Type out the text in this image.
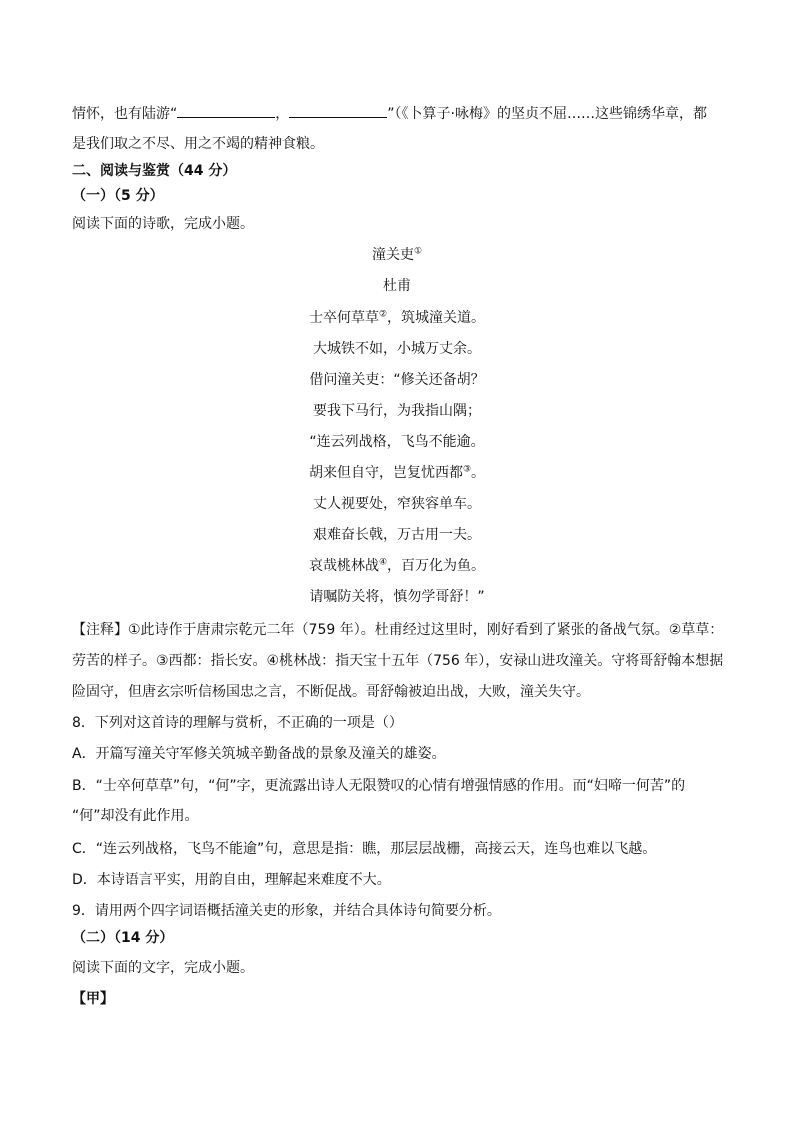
情怀，也有陆游“	，	”（《卜算子·咏梅》的坚贞不屈……这些锦绣华章，都
是我们取之不尽、用之不竭的精神食粮。
二、阅读与鉴赏（44 分）
（一）（5 分）
阅读下面的诗歌，完成小题。
潼关吏①
杜甫
士卒何草草②，筑城潼关道。
大城铁不如，小城万丈余。
借问潼关吏：“修关还备胡？
要我下马行，为我指山隅；
“连云列战格，飞鸟不能逾。
胡来但自守，岂复忧西都③。
丈人视要处，窄狭容单车。
艰难奋长戟，万古用一夫。
哀哉桃林战④，百万化为鱼。
请嘱防关将，慎勿学哥舒！”
【注释】①此诗作于唐肃宗乾元二年（759 年）。杜甫经过这里时，刚好看到了紧张的备战气氛。②草草：
劳苦的样子。③西都：指长安。④桃林战：指天宝十五年（756 年），安禄山进攻潼关。守将哥舒翰本想据
险固守，但唐玄宗听信杨国忠之言，不断促战。哥舒翰被迫出战，大败，潼关失守。
8．下列对这首诗的理解与赏析，不正确的一项是（）
A．开篇写潼关守军修关筑城辛勤备战的景象及潼关的雄姿。
B．“士卒何草草”句，“何”字，更流露出诗人无限赞叹的心情有增强情感的作用。而“妇啼一何苦”的
“何”却没有此作用。
C．“连云列战格，飞鸟不能逾”句，意思是指：瞧，那层层战栅，高接云天，连鸟也难以飞越。
D．本诗语言平实，用韵自由，理解起来难度不大。
9．请用两个四字词语概括潼关吏的形象，并结合具体诗句简要分析。
（二）（14 分）
阅读下面的文字，完成小题。
【甲】
